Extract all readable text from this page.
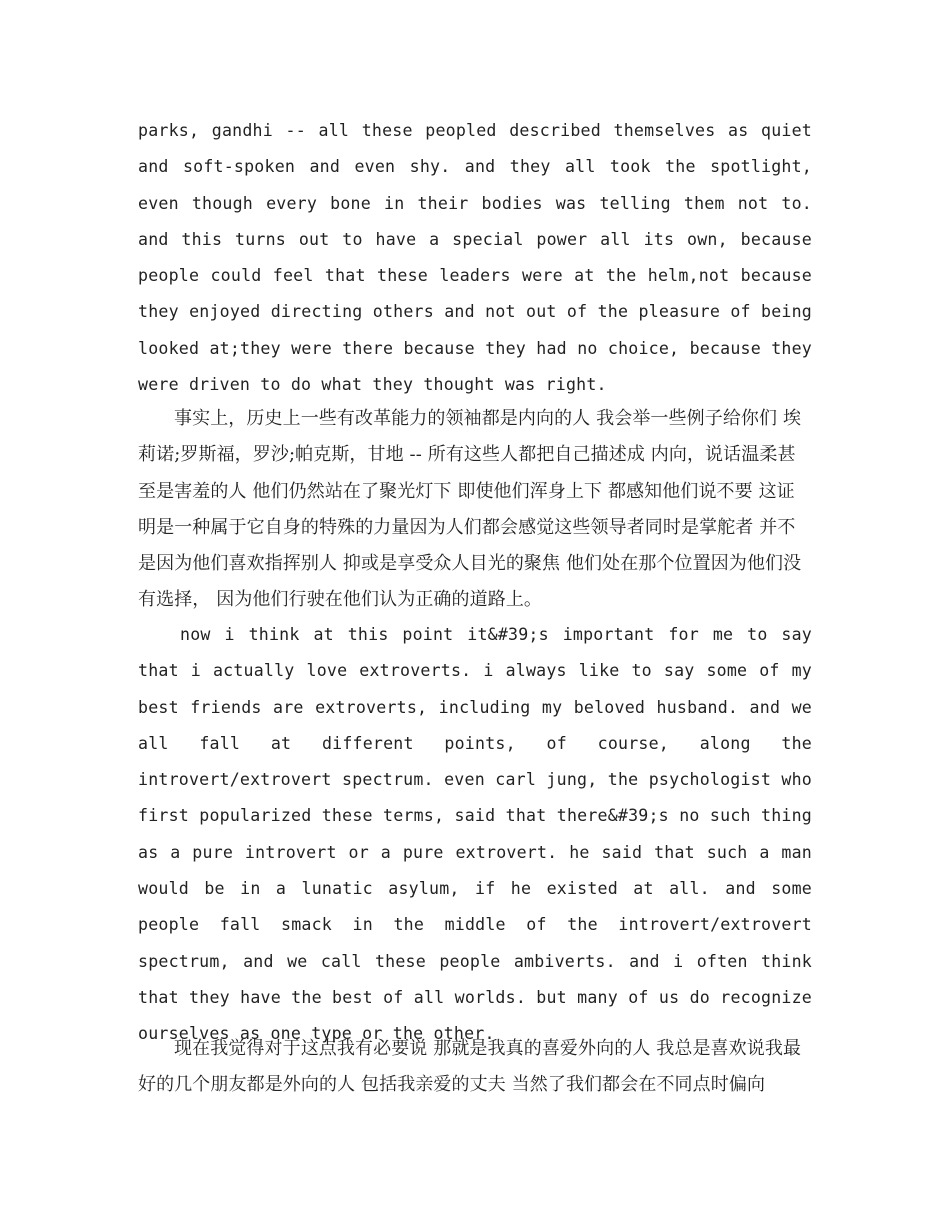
parks, gandhi -- all these peopled described themselves as quiet and soft-spoken and even shy. and they all took the spotlight, even though every bone in their bodies was telling them not to. and this turns out to have a special power all its own, because people could feel that these leaders were at the helm,not because they enjoyed directing others and not out of the pleasure of being looked at;they were there because they had no choice, because they were driven to do what they thought was right.

事实上，历史上一些有改革能力的领袖都是内向的人 我会举一些例子给你们 埃莉诺;罗斯福，罗沙;帕克斯，甘地 -- 所有这些人都把自己描述成 内向，说话温柔甚至是害羞的人 他们仍然站在了聚光灯下 即使他们浑身上下 都感知他们说不要 这证明是一种属于它自身的特殊的力量因为人们都会感觉这些领导者同时是掌舵者 并不是因为他们喜欢指挥别人 抑或是享受众人目光的聚焦 他们处在那个位置因为他们没有选择， 因为他们行驶在他们认为正确的道路上。

now i think at this point it&#39;s important for me to say that i actually love extroverts. i always like to say some of my best friends are extroverts, including my beloved husband. and we all fall at different points, of course, along the introvert/extrovert spectrum. even carl jung, the psychologist who first popularized these terms, said that there&#39;s no such thing as a pure introvert or a pure extrovert. he said that such a man would be in a lunatic asylum, if he existed at all. and some people fall smack in the middle of the introvert/extrovert spectrum, and we call these people ambiverts. and i often think that they have the best of all worlds. but many of us do recognize ourselves as one type or the other.

现在我觉得对于这点我有必要说 那就是我真的喜爱外向的人 我总是喜欢说我最好的几个朋友都是外向的人 包括我亲爱的丈夫 当然了我们都会在不同点时偏向
